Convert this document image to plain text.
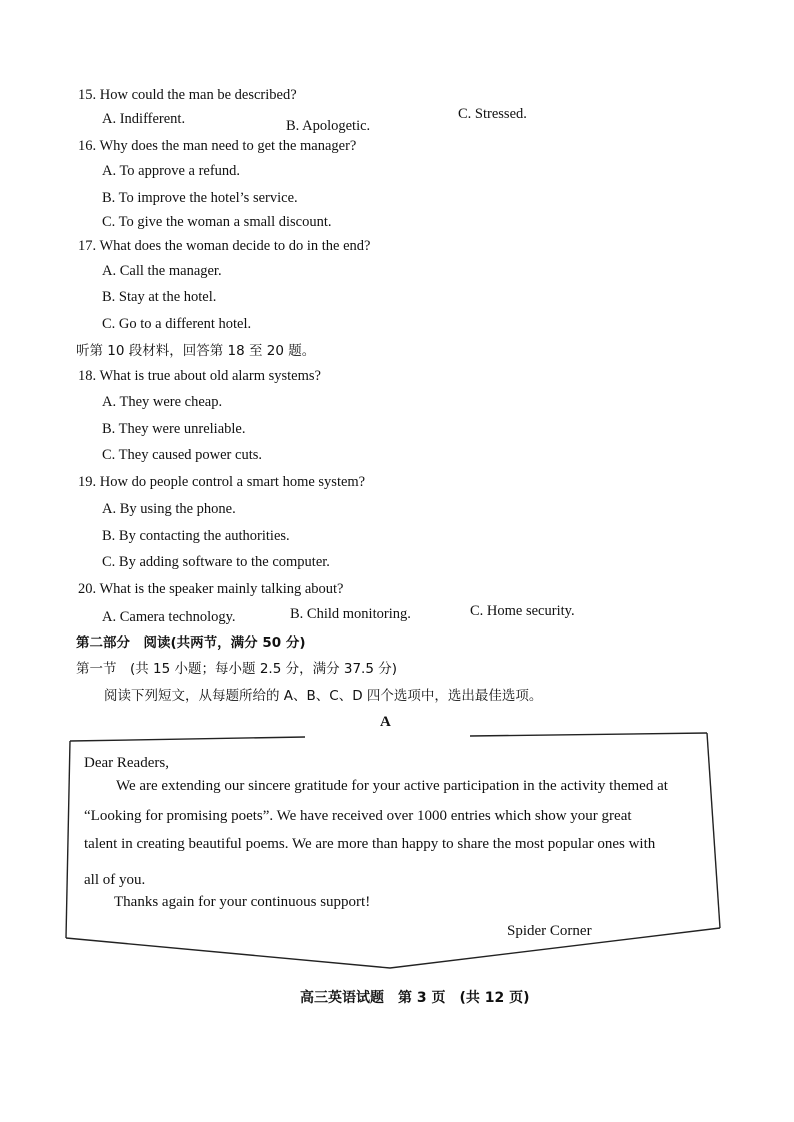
15. How could the man be described?
A. Indifferent.	B. Apologetic.
C. Stressed.
16. Why does the man need to get the manager?
A. To approve a refund.
B. To improve the hotel’s service.
C. To give the woman a small discount.
17. What does the woman decide to do in the end?
A. Call the manager.
B. Stay at the hotel.
C. Go to a different hotel.
听第 10 段材料，回答第 18 至 20 题。
18. What is true about old alarm systems?
A. They were cheap.
B. They were unreliable.
C. They caused power cuts.
19. How do people control a smart home system?
A. By using the phone.
B. By contacting the authorities.
C. By adding software to the computer.
20. What is the speaker mainly talking about?
A. Camera technology.	B. Child monitoring.	C. Home security.
第二部分　阅读(共两节，满分 50 分)
第一节　(共 15 小题；每小题 2.5 分，满分 37.5 分)
阅读下列短文，从每题所给的 A、B、C、D 四个选项中，选出最佳选项。
A
Dear Readers,
We are extending our sincere gratitude for your active participation in the activity themed at
“Looking for promising poets”. We have received over 1000 entries which show your great
talent in creating beautiful poems. We are more than happy to share the most popular ones with
all of you.
Thanks again for your continuous support!
Spider Corner
高三英语试题　第 3 页　(共 12 页)
